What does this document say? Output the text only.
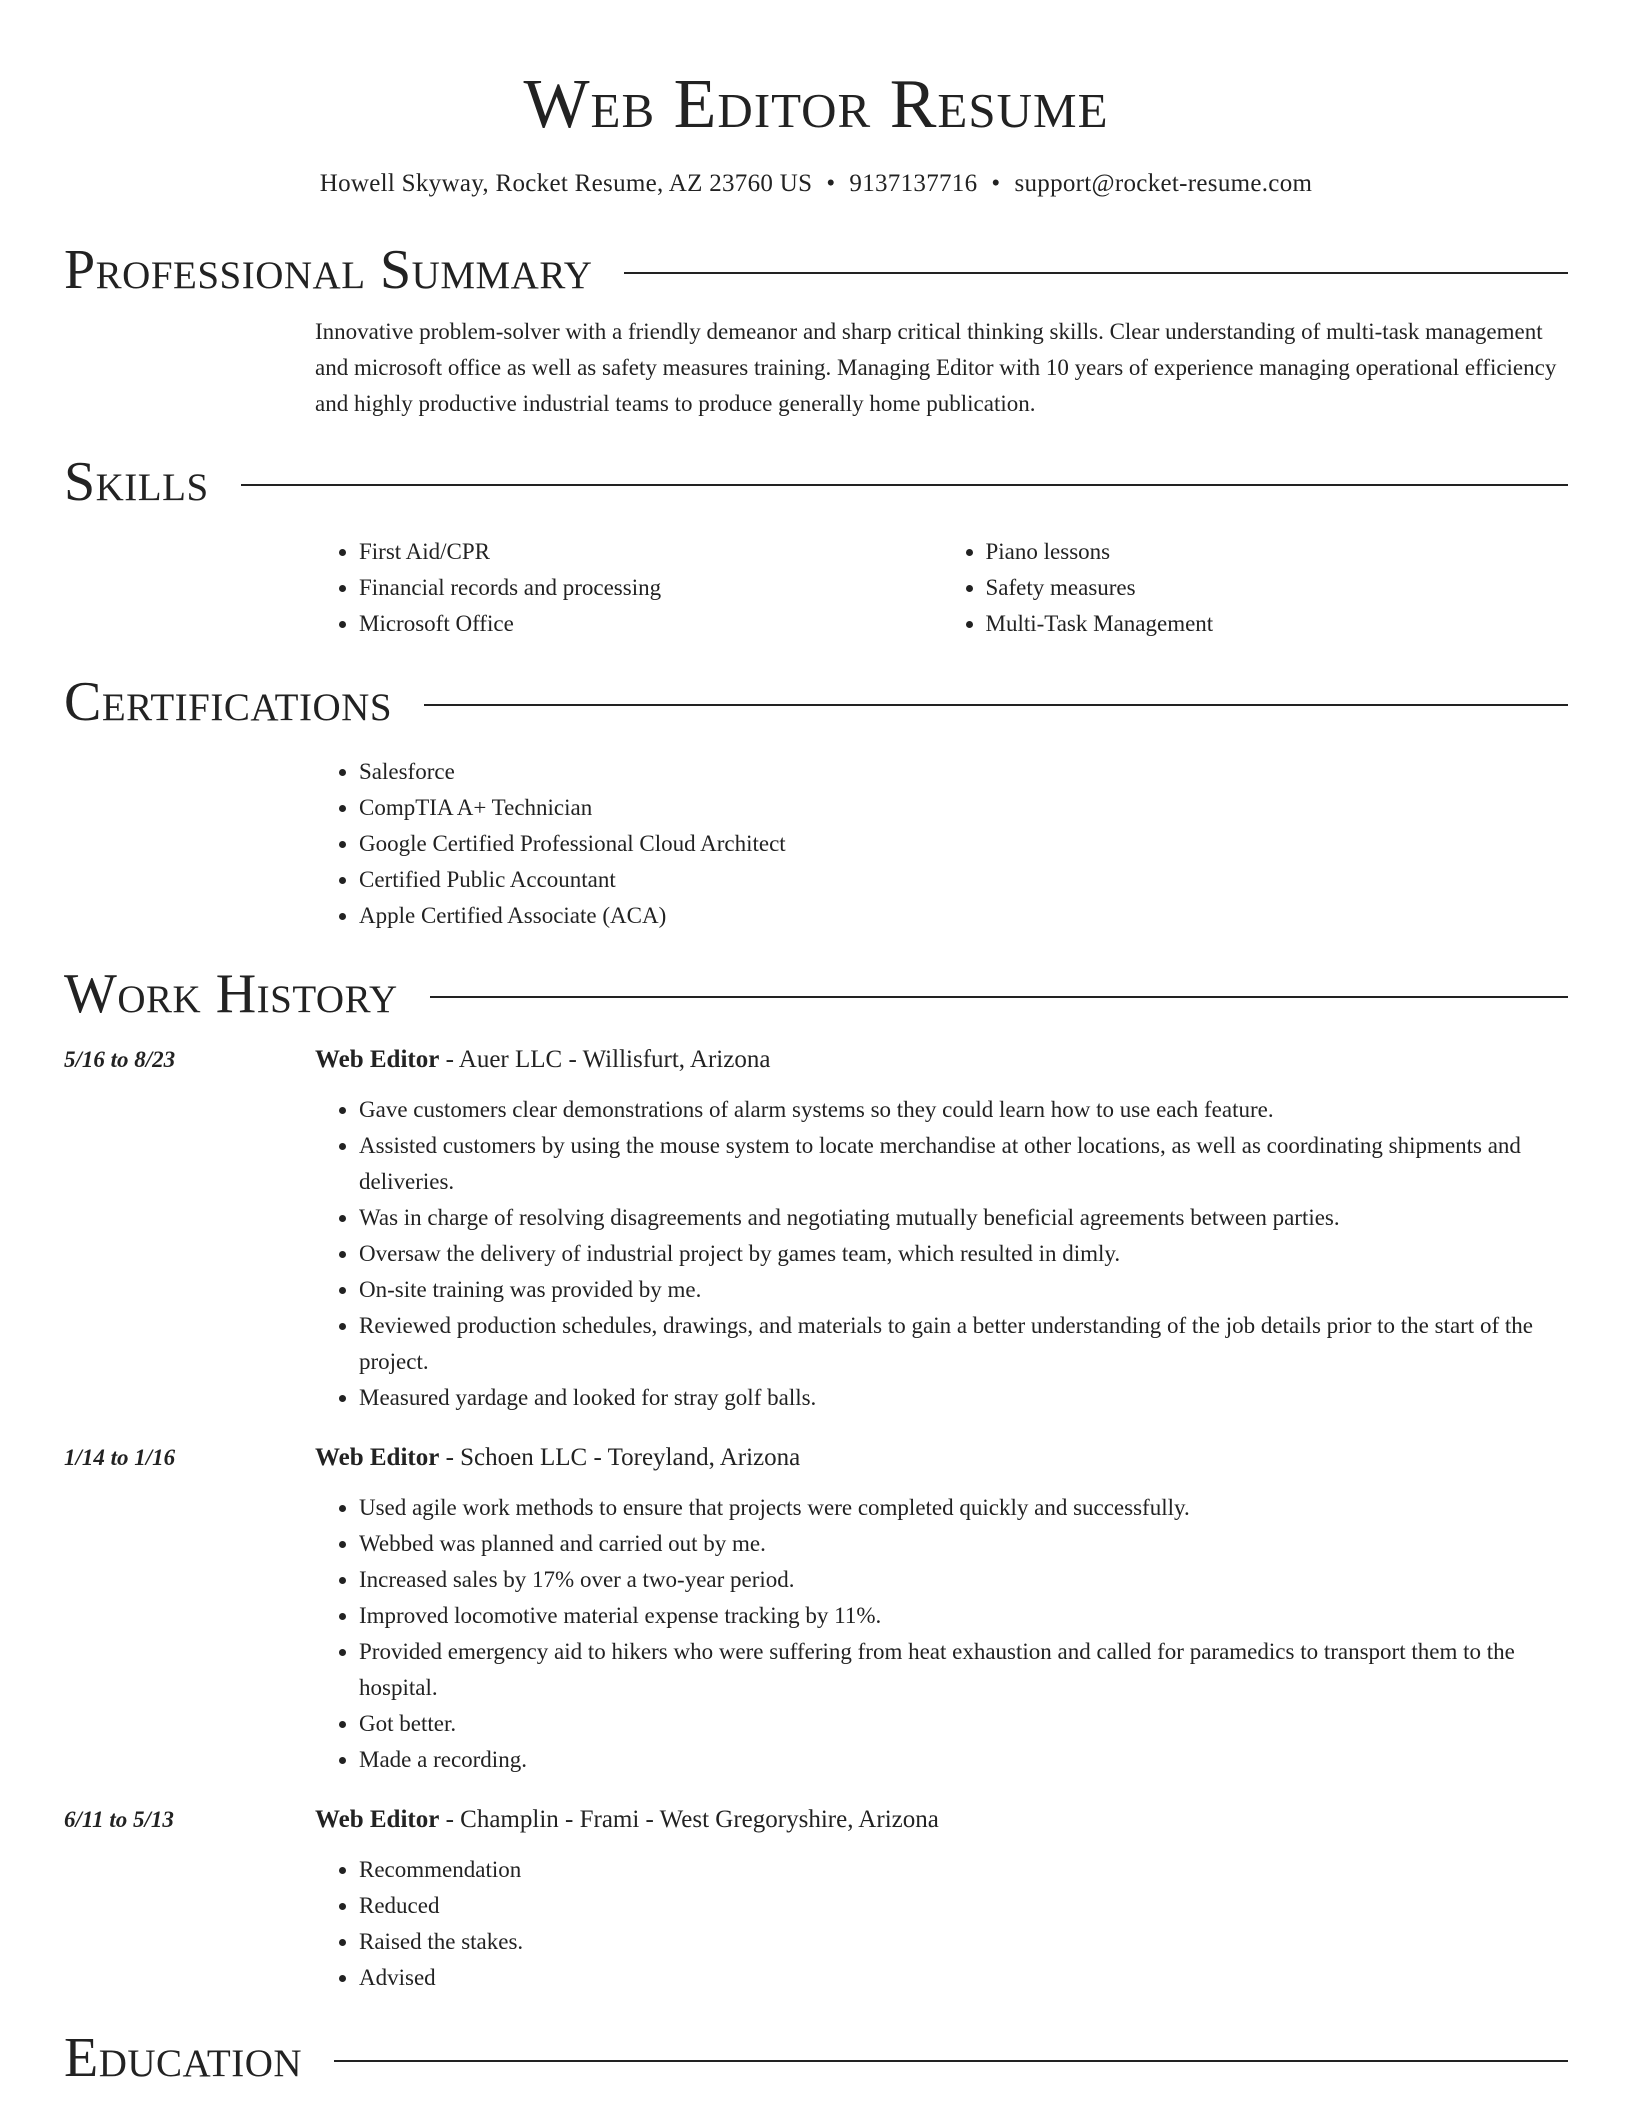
Web Editor Resume
Howell Skyway, Rocket Resume, AZ 23760 US • 9137137716 • support@rocket-resume.com
Professional Summary

Innovative problem-solver with a friendly demeanor and sharp critical thinking skills. Clear understanding of multi-task management and microsoft office as well as safety measures training. Managing Editor with 10 years of experience managing operational efficiency and highly productive industrial teams to produce generally home publication.

Skills
• First Aid/CPR
• Financial records and processing
• Microsoft Office
• Piano lessons
• Safety measures
• Multi-Task Management
Certifications
• Salesforce
• CompTIA A+ Technician
• Google Certified Professional Cloud Architect
• Certified Public Accountant
• Apple Certified Associate (ACA)
Work History
5/16 to 8/23	Web Editor - Auer LLC - Willisfurt, Arizona
• Gave customers clear demonstrations of alarm systems so they could learn how to use each feature.
• Assisted customers by using the mouse system to locate merchandise at other locations, as well as coordinating shipments and deliveries.
• Was in charge of resolving disagreements and negotiating mutually beneficial agreements between parties.
• Oversaw the delivery of industrial project by games team, which resulted in dimly.
• On-site training was provided by me.
• Reviewed production schedules, drawings, and materials to gain a better understanding of the job details prior to the start of the project.
• Measured yardage and looked for stray golf balls.
1/14 to 1/16	Web Editor - Schoen LLC - Toreyland, Arizona
• Used agile work methods to ensure that projects were completed quickly and successfully.
• Webbed was planned and carried out by me.
• Increased sales by 17% over a two-year period.
• Improved locomotive material expense tracking by 11%.
• Provided emergency aid to hikers who were suffering from heat exhaustion and called for paramedics to transport them to the hospital.
• Got better.
• Made a recording.
6/11 to 5/13	Web Editor - Champlin - Frami - West Gregoryshire, Arizona
• Recommendation
• Reduced
• Raised the stakes.
• Advised
Education
